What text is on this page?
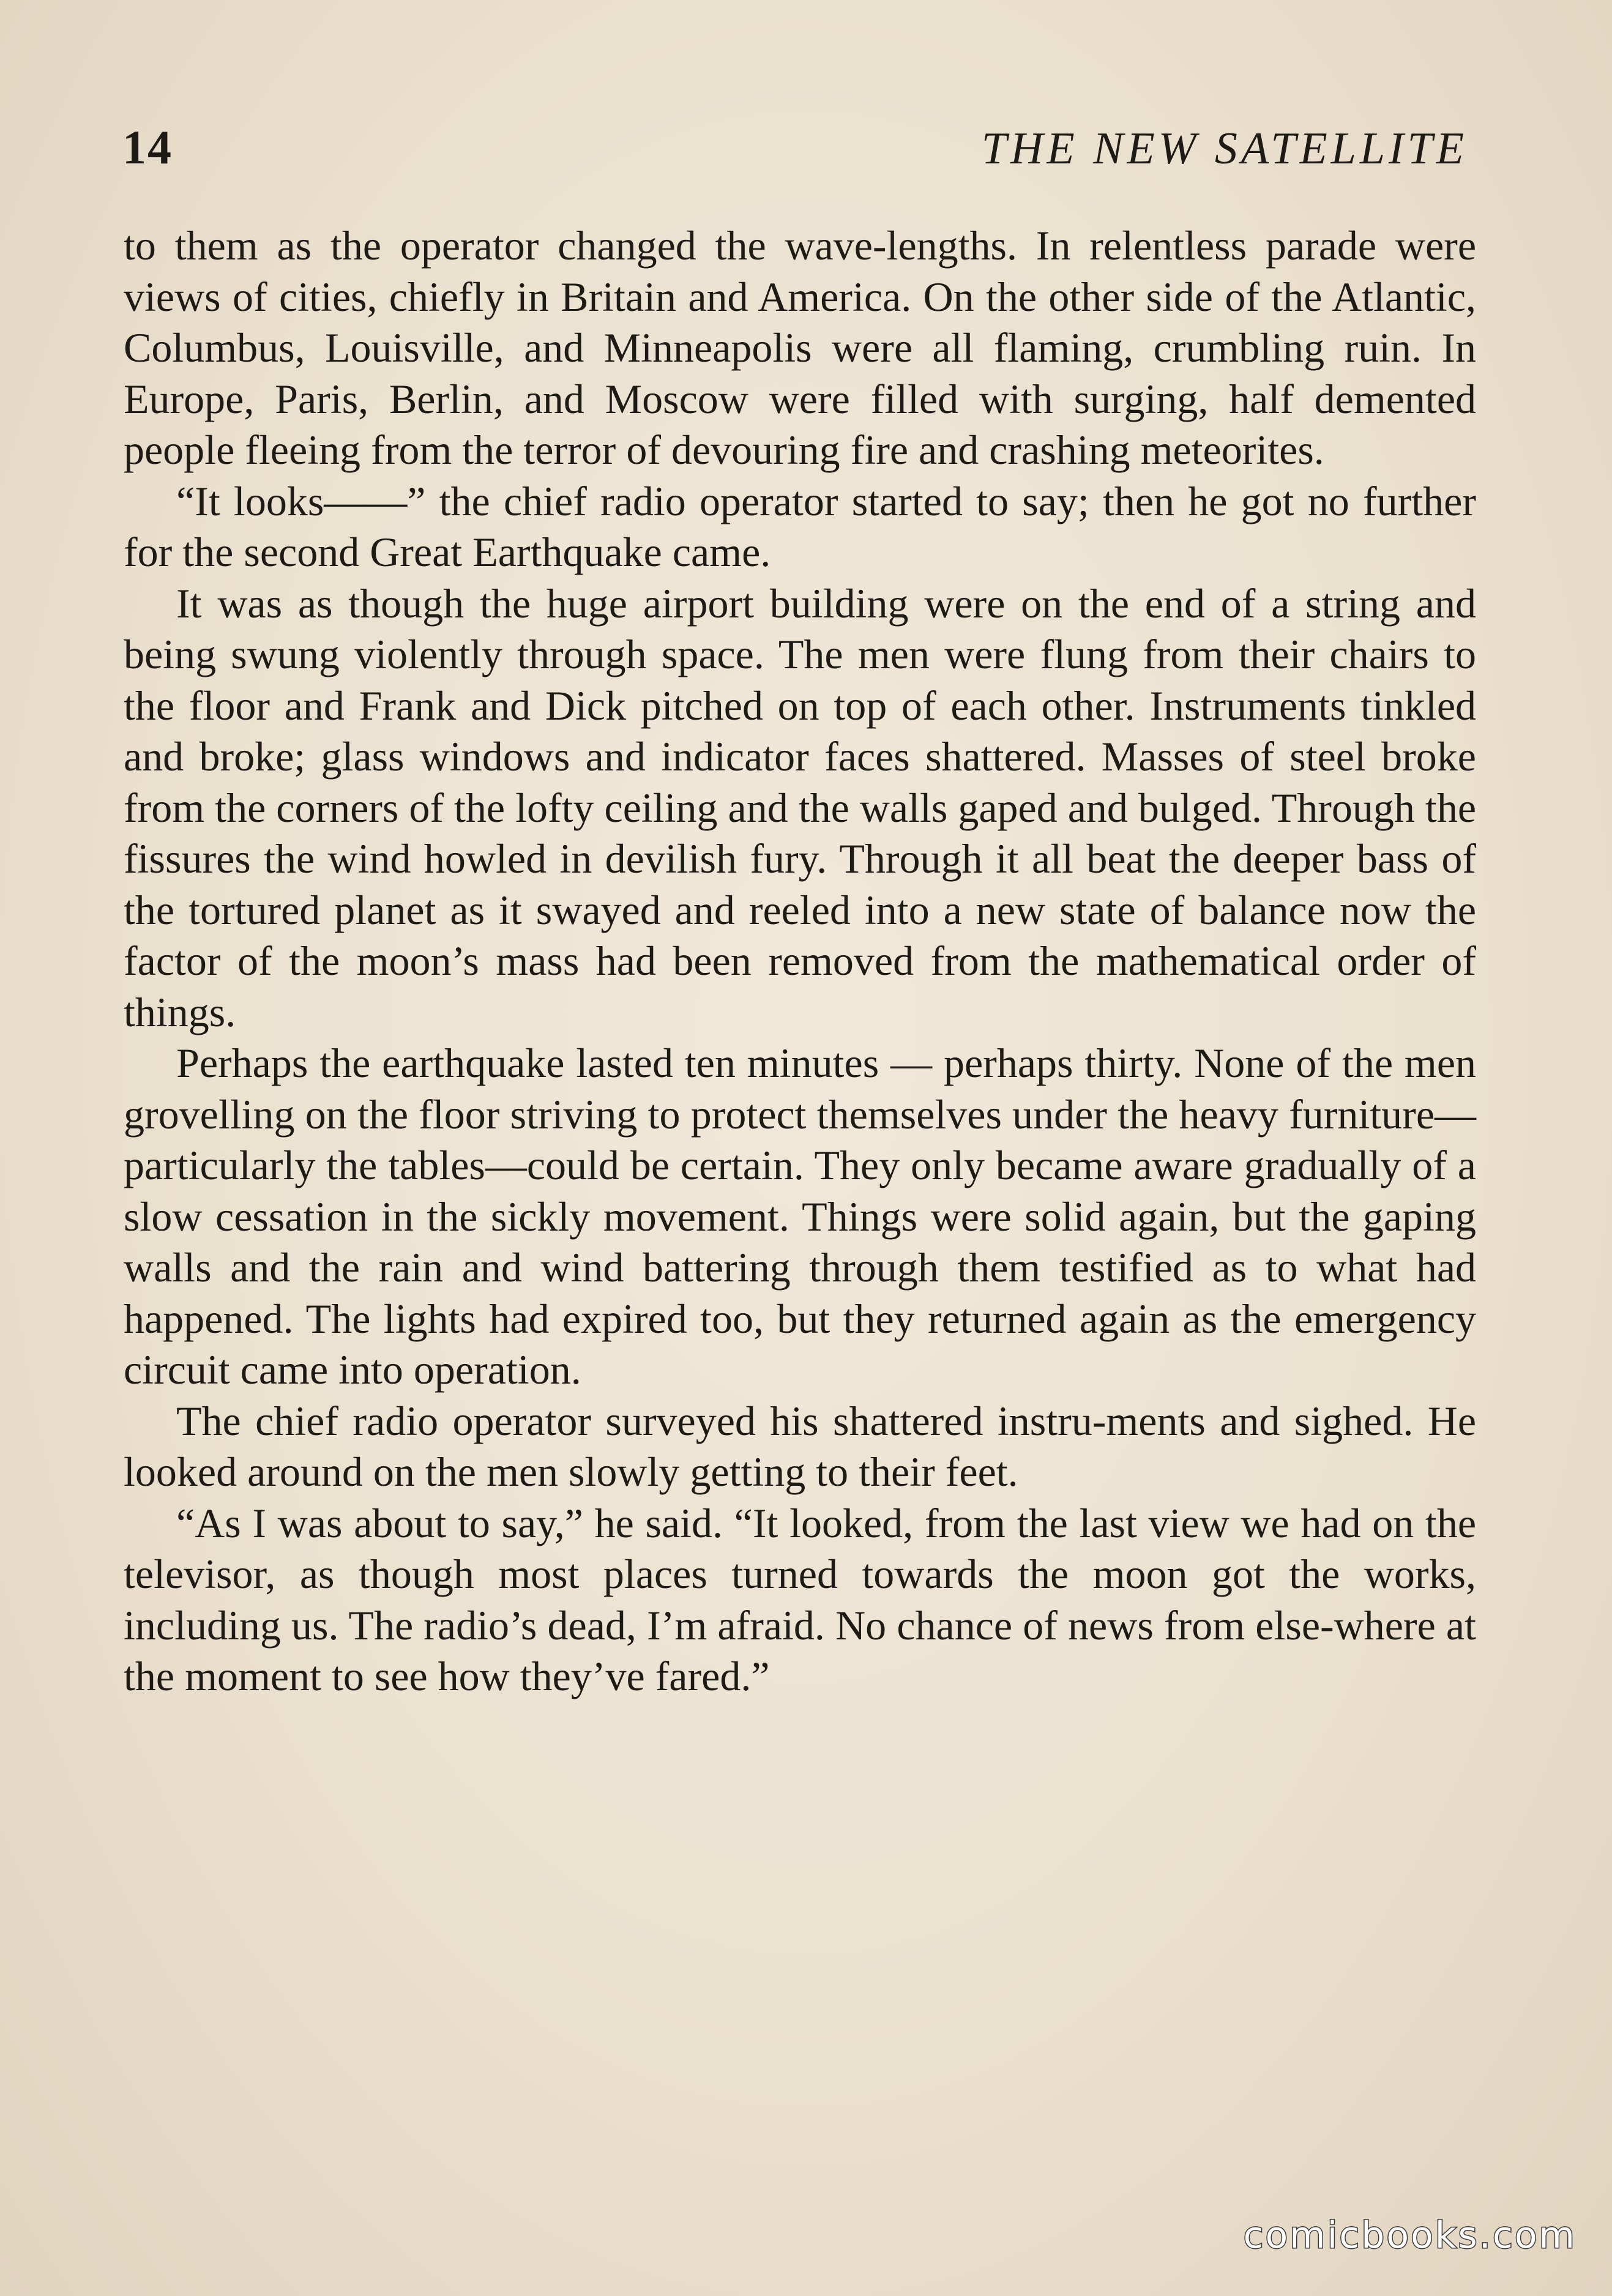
14	THE NEW SATELLITE

to them as the operator changed the wave-lengths. In relentless parade were views of cities, chiefly in Britain and America. On the other side of the Atlantic, Columbus, Louisville, and Minneapolis were all flaming, crumbling ruin. In Europe, Paris, Berlin, and Moscow were filled with surging, half demented people fleeing from the terror of devouring fire and crashing meteorites.

“It looks——” the chief radio operator started to say; then he got no further for the second Great Earthquake came.

It was as though the huge airport building were on the end of a string and being swung violently through space. The men were flung from their chairs to the floor and Frank and Dick pitched on top of each other. Instruments tinkled and broke; glass windows and indicator faces shattered. Masses of steel broke from the corners of the lofty ceiling and the walls gaped and bulged. Through the fissures the wind howled in devilish fury. Through it all beat the deeper bass of the tortured planet as it swayed and reeled into a new state of balance now the factor of the moon’s mass had been removed from the mathematical order of things.

Perhaps the earthquake lasted ten minutes — perhaps thirty. None of the men grovelling on the floor striving to protect themselves under the heavy furniture—particularly the tables—could be certain. They only became aware gradually of a slow cessation in the sickly movement. Things were solid again, but the gaping walls and the rain and wind battering through them testified as to what had happened. The lights had expired too, but they returned again as the emergency circuit came into operation.

The chief radio operator surveyed his shattered instru-ments and sighed. He looked around on the men slowly getting to their feet.

“As I was about to say,” he said. “It looked, from the last view we had on the televisor, as though most places turned towards the moon got the works, including us. The radio’s dead, I’m afraid. No chance of news from else-where at the moment to see how they’ve fared.”

comicbooks.com
